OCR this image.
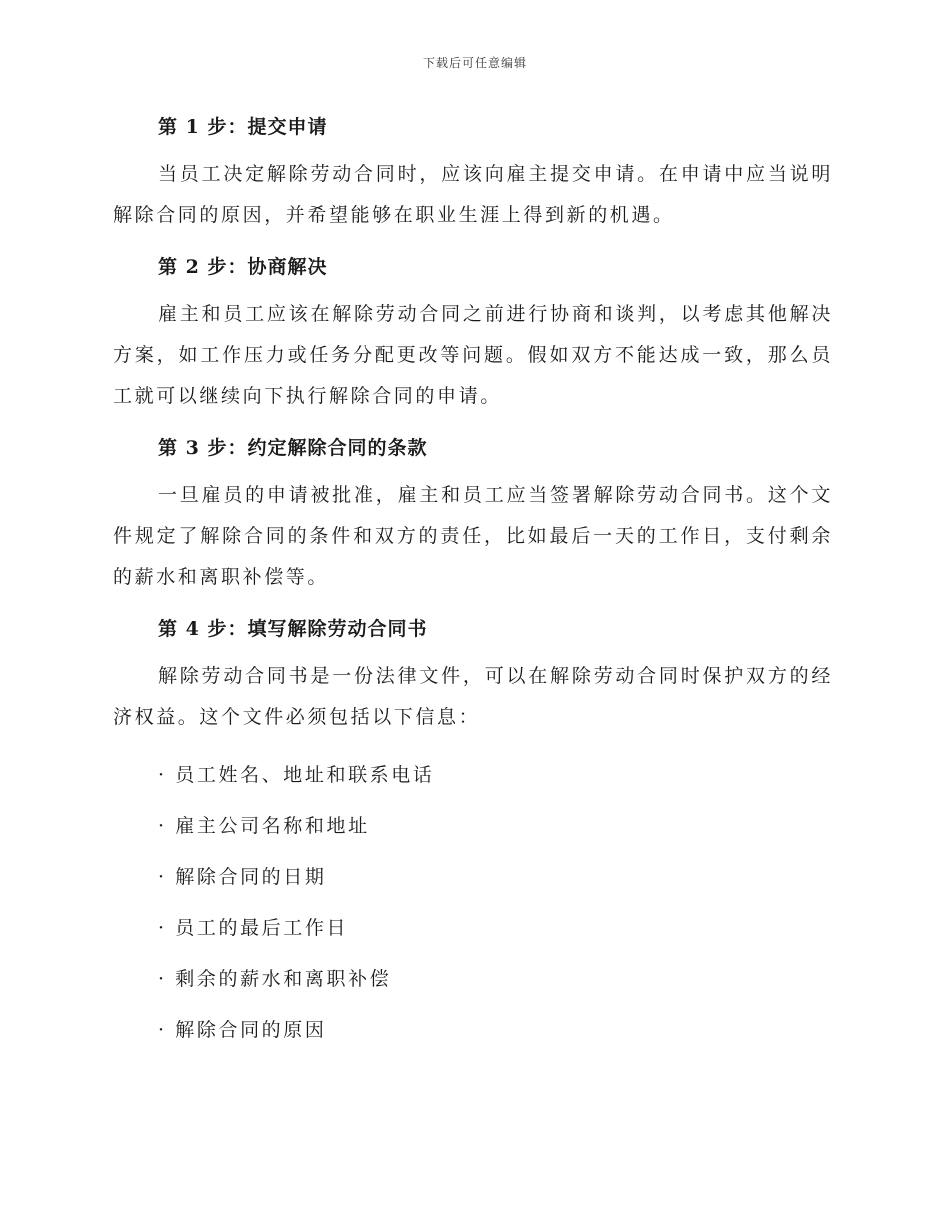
下载后可任意编辑
第 1 步：提交申请

当员工决定解除劳动合同时，应该向雇主提交申请。在申请中应当说明解除合同的原因，并希望能够在职业生涯上得到新的机遇。

第 2 步：协商解决

雇主和员工应该在解除劳动合同之前进行协商和谈判，以考虑其他解决方案，如工作压力或任务分配更改等问题。假如双方不能达成一致，那么员工就可以继续向下执行解除合同的申请。

第 3 步：约定解除合同的条款

一旦雇员的申请被批准，雇主和员工应当签署解除劳动合同书。这个文件规定了解除合同的条件和双方的责任，比如最后一天的工作日，支付剩余的薪水和离职补偿等。

第 4 步：填写解除劳动合同书

解除劳动合同书是一份法律文件，可以在解除劳动合同时保护双方的经济权益。这个文件必须包括以下信息：

· 员工姓名、地址和联系电话
· 雇主公司名称和地址
· 解除合同的日期
· 员工的最后工作日
· 剩余的薪水和离职补偿
· 解除合同的原因
